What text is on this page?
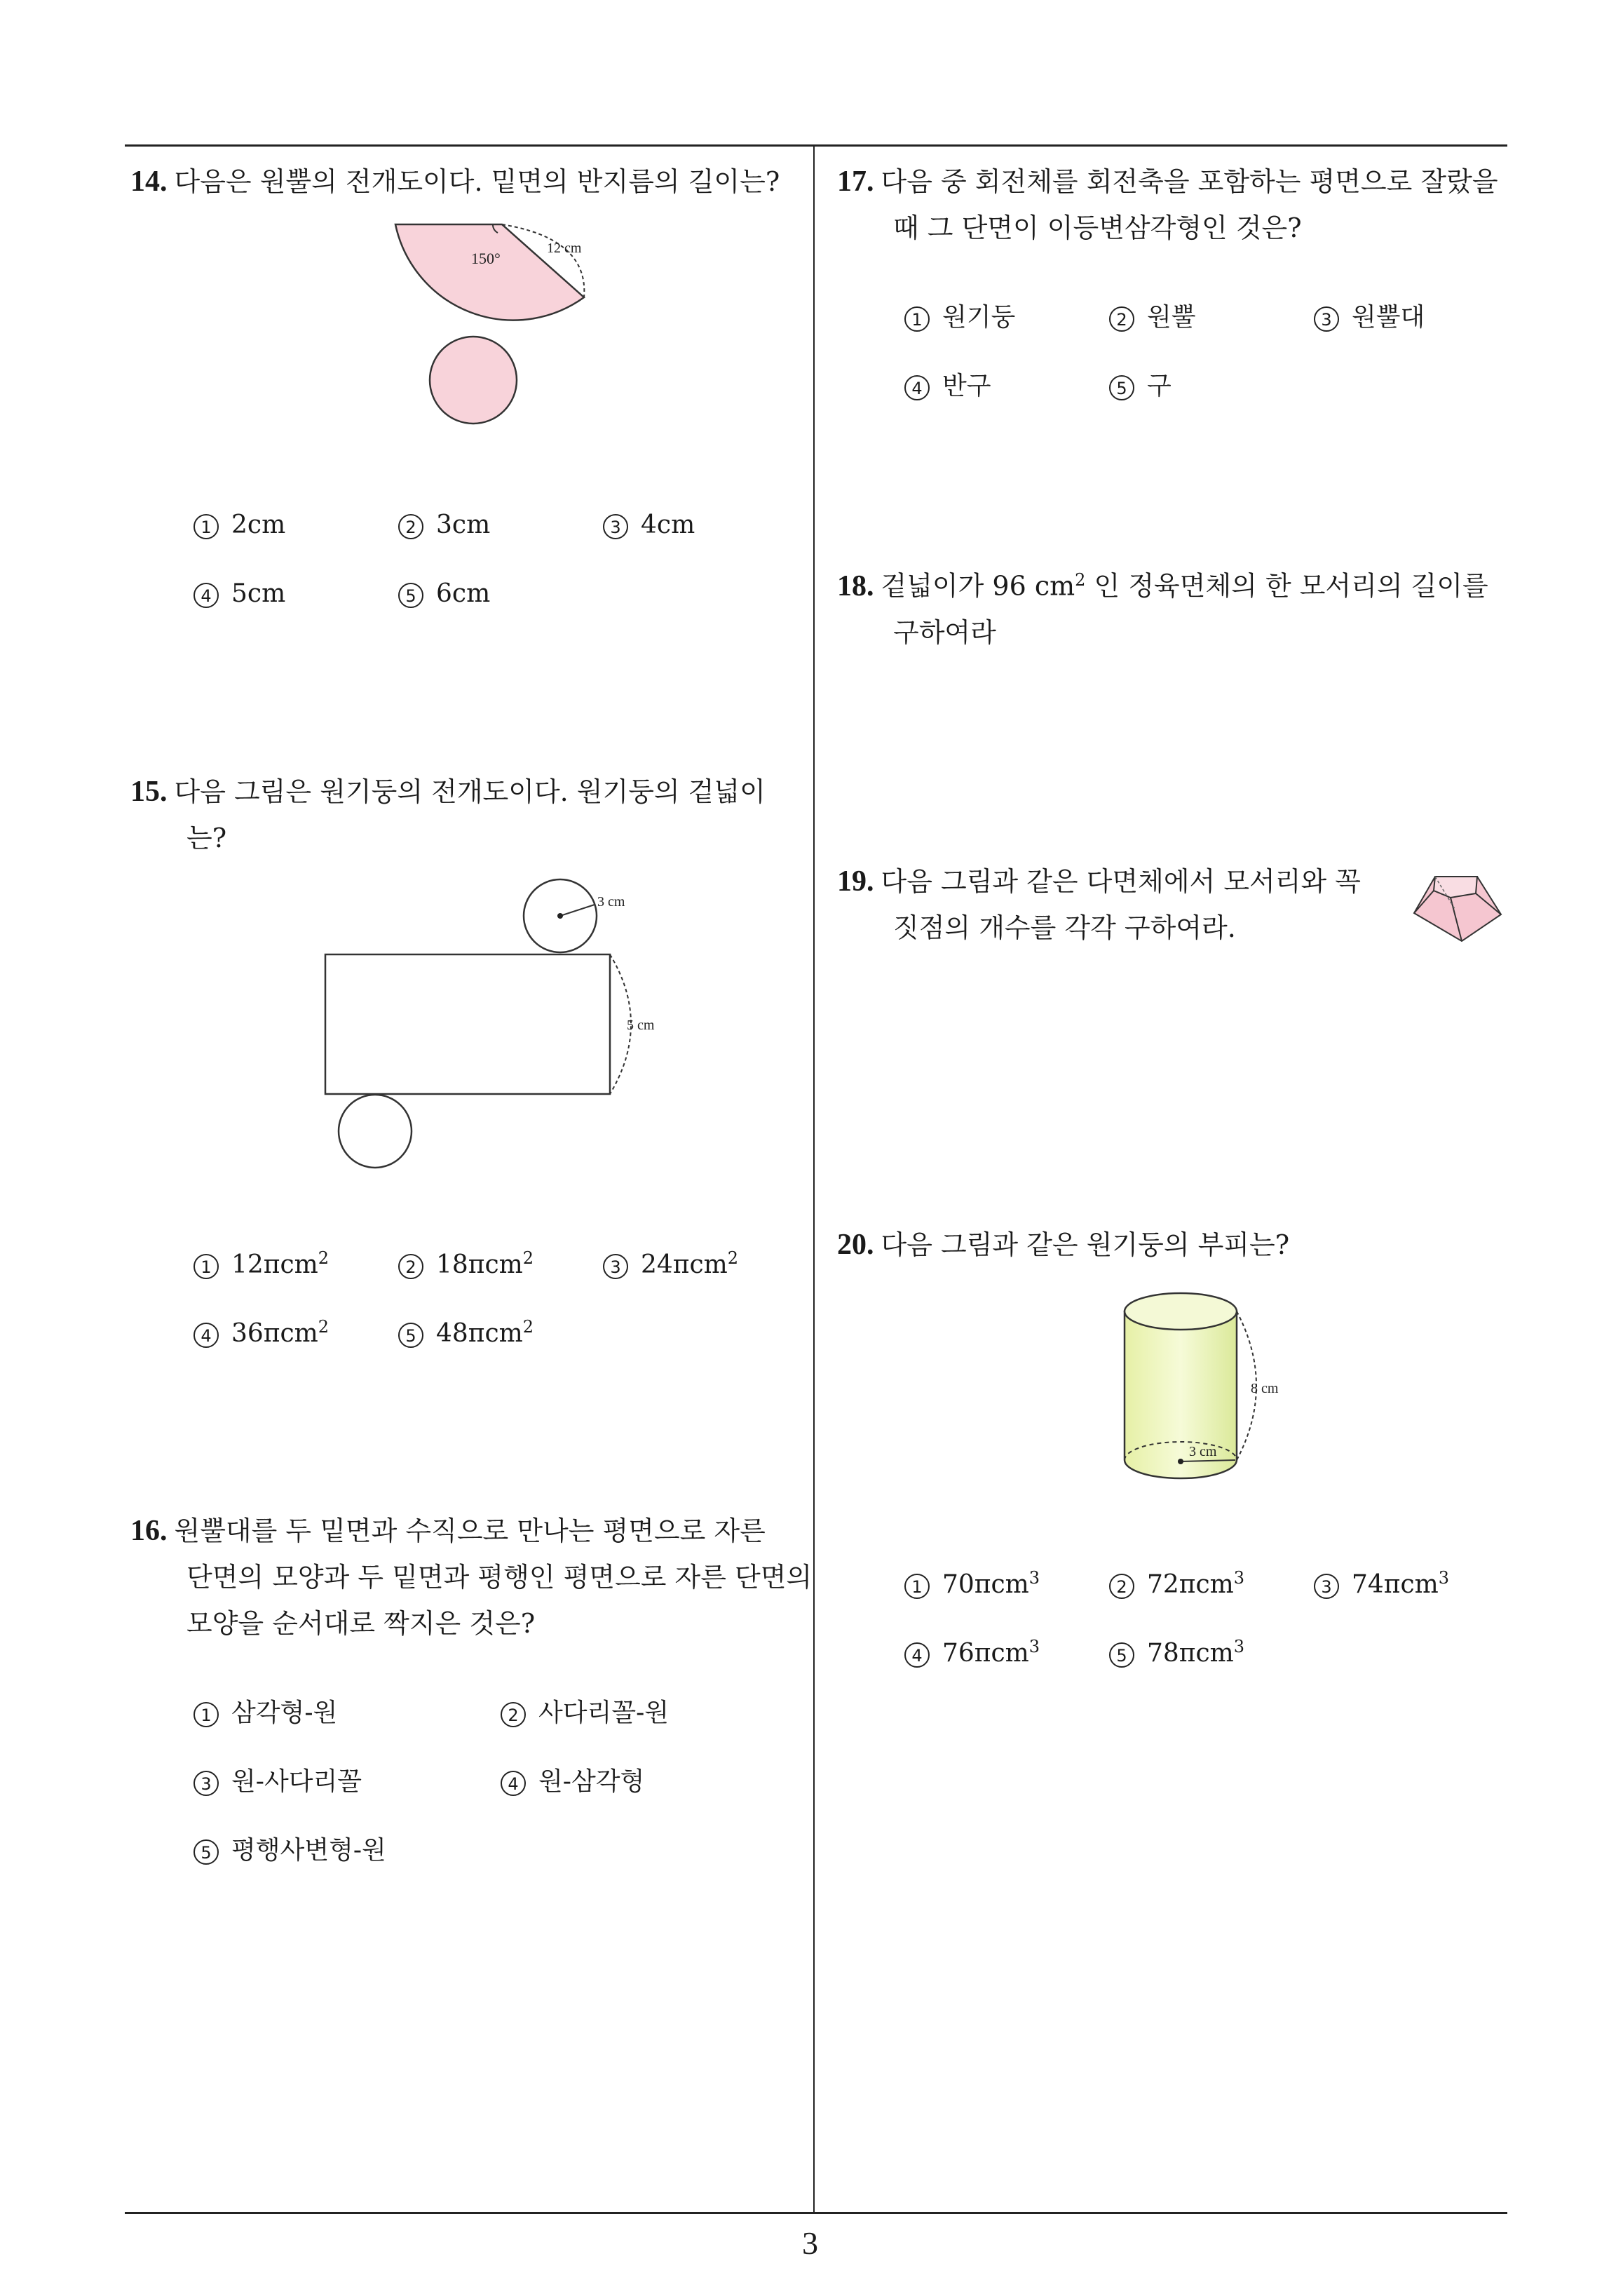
14. 다음은 원뿔의 전개도이다. 밑면의 반지름의 길이는?
150°
12 cm
1 2cm	2 3cm	3 4cm
4 5cm	5 6cm
15. 다음 그림은 원기둥의 전개도이다. 원기둥의 겉넓이
는?
3 cm
5 cm
1 12πcm$^2$	2 18πcm$^2$	3 24πcm$^2$
4 36πcm$^2$	5 48πcm$^2$
16. 원뿔대를 두 밑면과 수직으로 만나는 평면으로 자른
단면의 모양과 두 밑면과 평행인 평면으로 자른 단면의
모양을 순서대로 짝지은 것은?
1 삼각형-원	2 사다리꼴-원
3 원-사다리꼴	4 원-삼각형
5 평행사변형-원
17. 다음 중 회전체를 회전축을 포함하는 평면으로 잘랐을
때 그 단면이 이등변삼각형인 것은?
1 원기둥	2 원뿔	3 원뿔대
4 반구	5 구
18. 겉넓이가 96 $cm^2$ 인 정육면체의 한 모서리의 길이를
구하여라
19. 다음 그림과 같은 다면체에서 모서리와 꼭
짓점의 개수를 각각 구하여라.
20. 다음 그림과 같은 원기둥의 부피는?
8 cm
3 cm
1 70πcm$^3$	2 72πcm$^3$	3 74πcm$^3$
4 76πcm$^3$	5 78πcm$^3$
3
